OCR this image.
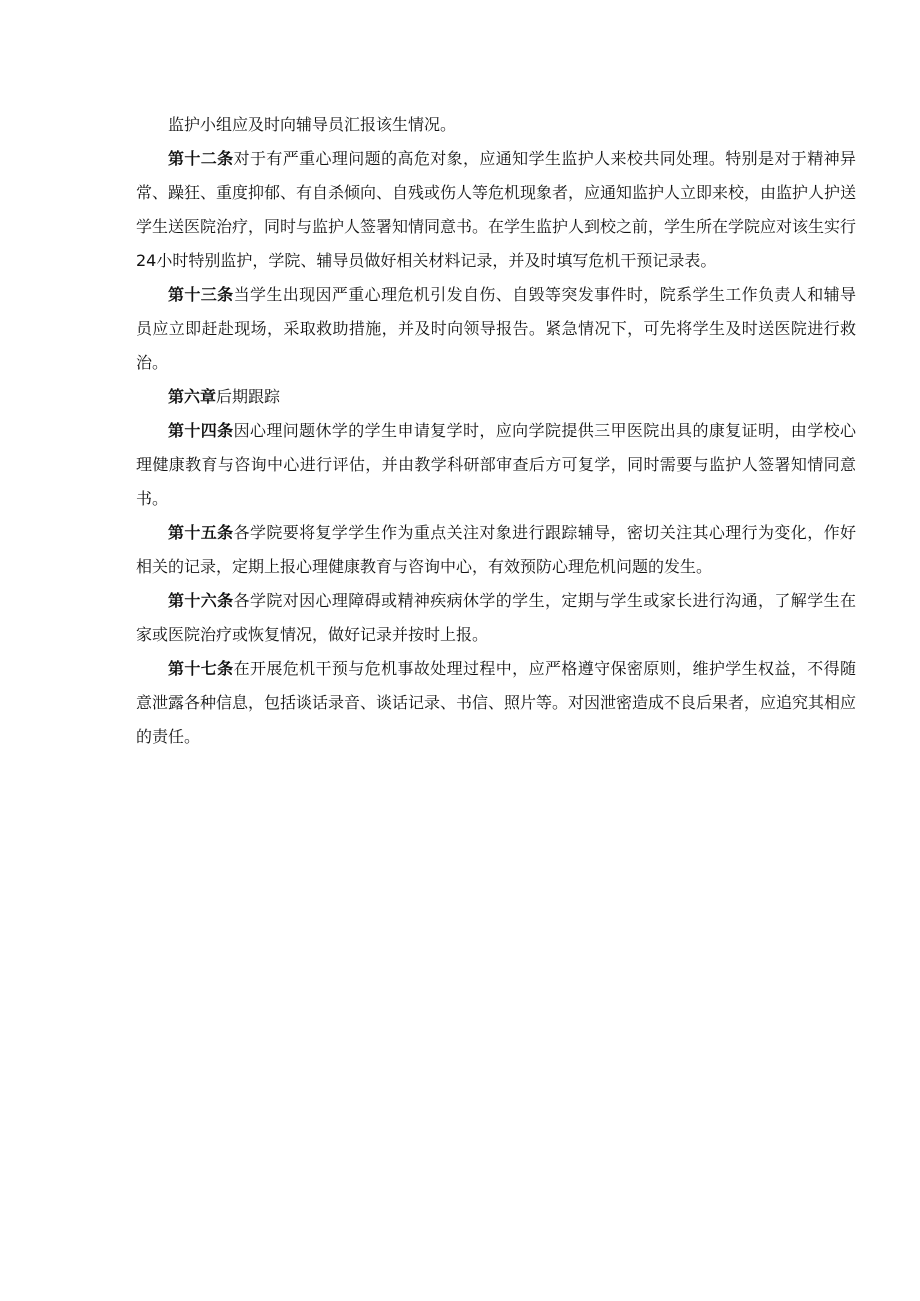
监护小组应及时向辅导员汇报该生情况。

第十二条对于有严重心理问题的高危对象，应通知学生监护人来校共同处理。特别是对于精神异常、躁狂、重度抑郁、有自杀倾向、自残或伤人等危机现象者，应通知监护人立即来校，由监护人护送学生送医院治疗，同时与监护人签署知情同意书。在学生监护人到校之前，学生所在学院应对该生实行24小时特别监护，学院、辅导员做好相关材料记录，并及时填写危机干预记录表。

第十三条当学生出现因严重心理危机引发自伤、自毁等突发事件时，院系学生工作负责人和辅导员应立即赶赴现场，采取救助措施，并及时向领导报告。紧急情况下，可先将学生及时送医院进行救治。

第六章后期跟踪

第十四条因心理问题休学的学生申请复学时，应向学院提供三甲医院出具的康复证明，由学校心理健康教育与咨询中心进行评估，并由教学科研部审查后方可复学，同时需要与监护人签署知情同意书。

第十五条各学院要将复学学生作为重点关注对象进行跟踪辅导，密切关注其心理行为变化，作好相关的记录，定期上报心理健康教育与咨询中心，有效预防心理危机问题的发生。

第十六条各学院对因心理障碍或精神疾病休学的学生，定期与学生或家长进行沟通，了解学生在家或医院治疗或恢复情况，做好记录并按时上报。

第十七条在开展危机干预与危机事故处理过程中，应严格遵守保密原则，维护学生权益，不得随意泄露各种信息，包括谈话录音、谈话记录、书信、照片等。对因泄密造成不良后果者，应追究其相应的责任。
